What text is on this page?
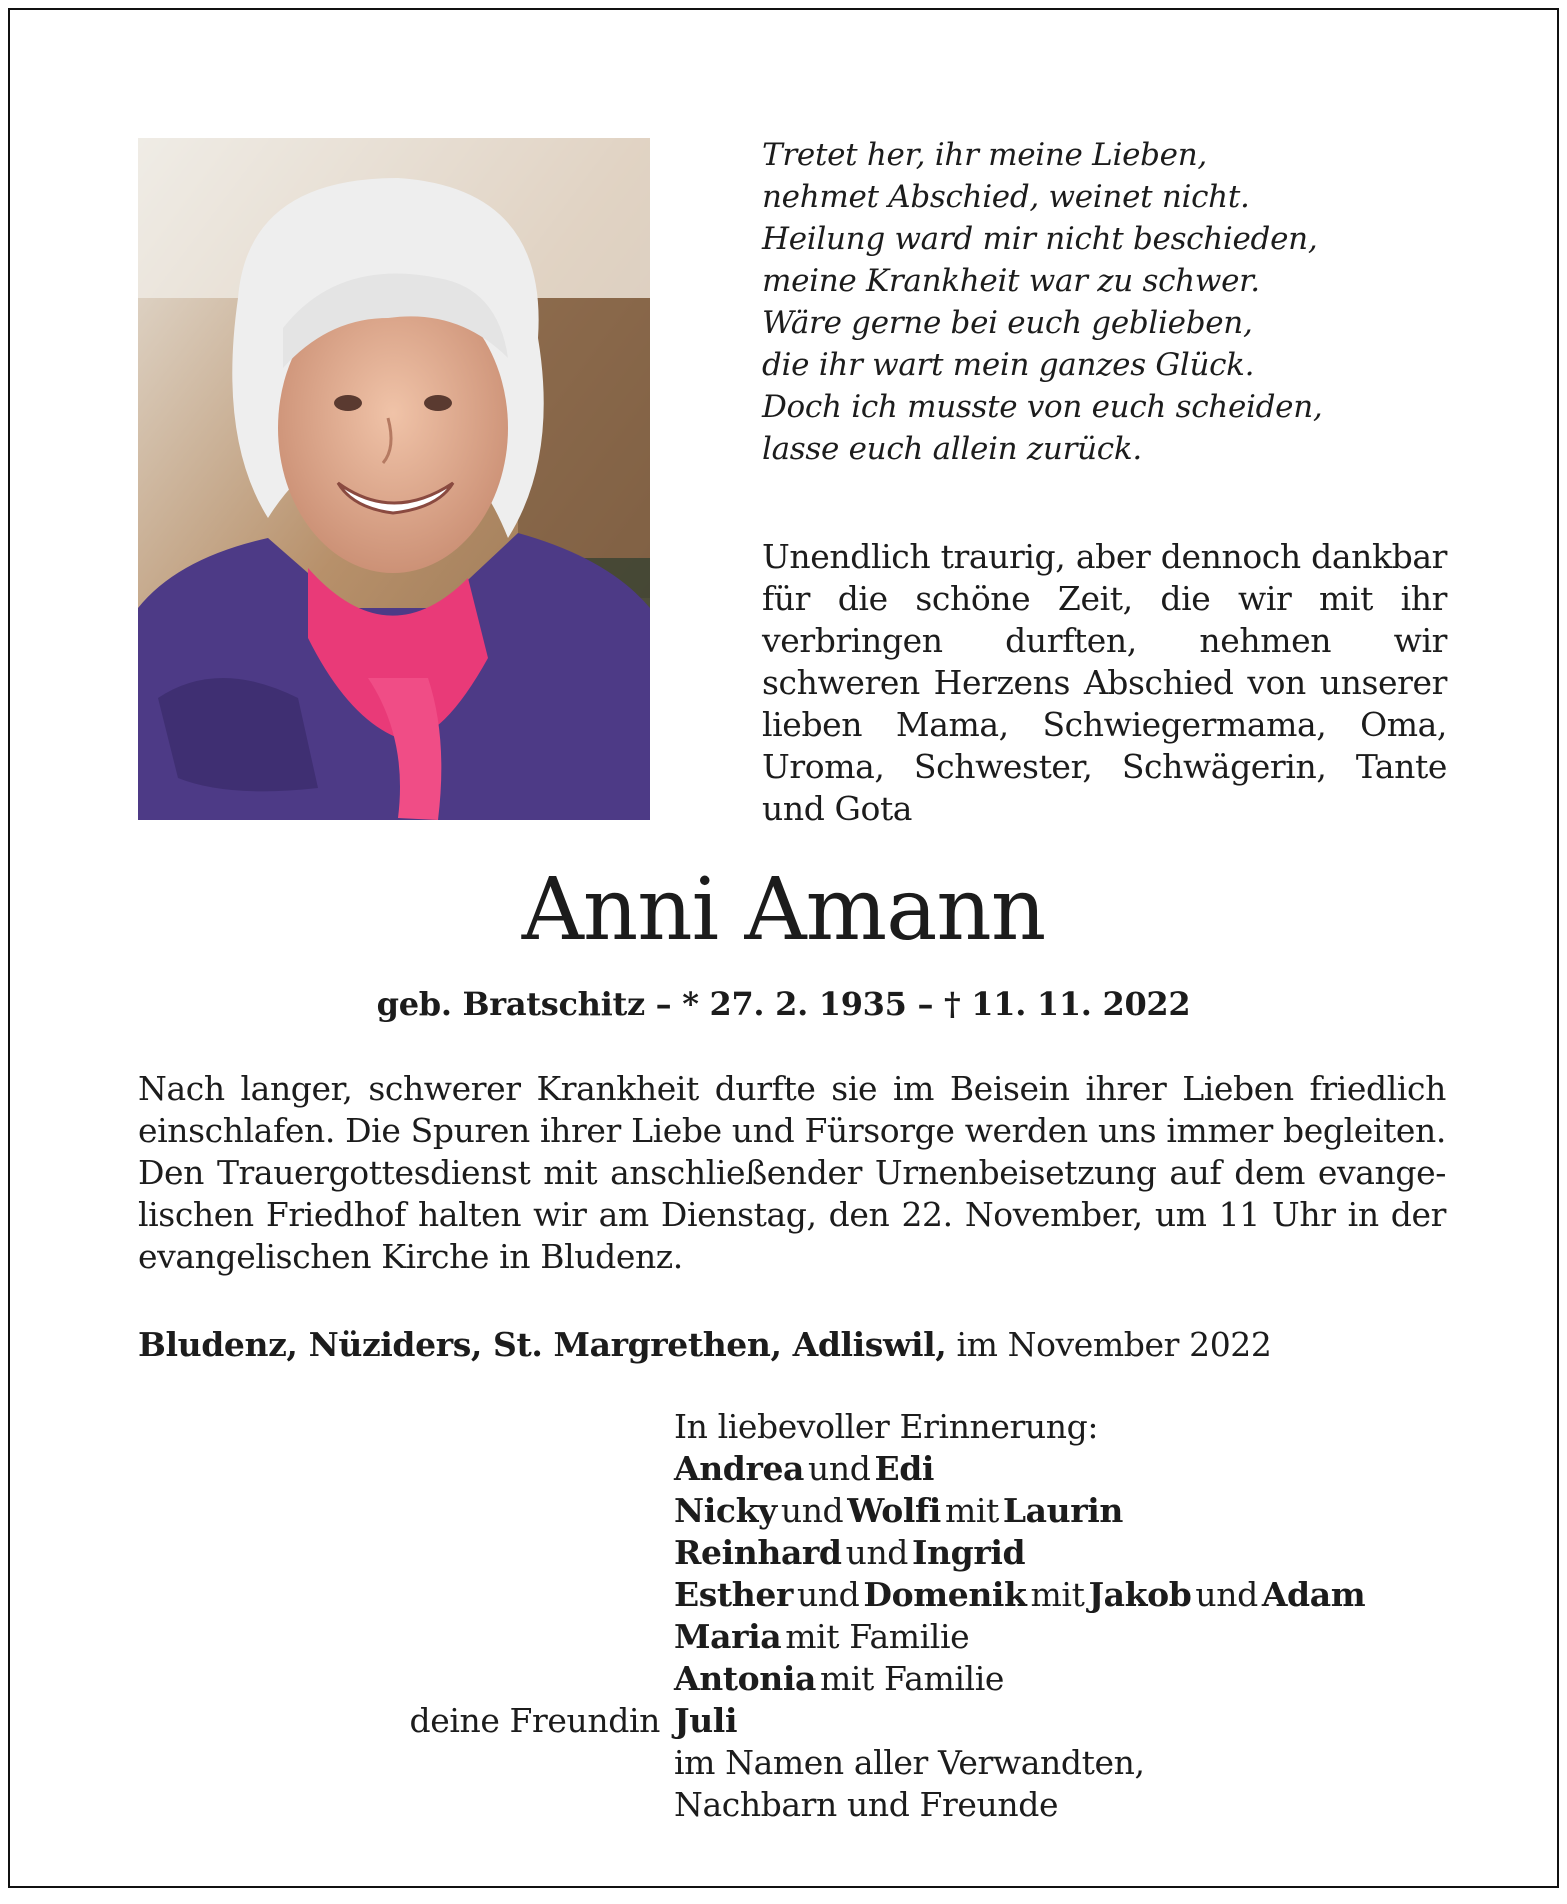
Tretet her, ihr meine Lieben,
nehmet Abschied, weinet nicht.
Heilung ward mir nicht beschieden,
meine Krankheit war zu schwer.
Wäre gerne bei euch geblieben,
die ihr wart mein ganzes Glück.
Doch ich musste von euch scheiden,
lasse euch allein zurück.
Unendlich traurig, aber dennoch dankbar für die schöne Zeit, die wir mit ihr verbringen durften, nehmen wir schweren Herzens Abschied von unserer lieben Mama, Schwiegermama, Oma, Uroma, Schwester, Schwägerin, Tante und Gota
Anni Amann
geb. Bratschitz – * 27. 2. 1935 – † 11. 11. 2022
Nach langer, schwerer Krankheit durfte sie im Beisein ihrer Lieben friedlich einschlafen. Die Spuren ihrer Liebe und Fürsorge werden uns immer begleiten. Den Trauergottesdienst mit anschließender Urnenbeisetzung auf dem evange-lischen Friedhof halten wir am Dienstag, den 22. November, um 11 Uhr in der evangelischen Kirche in Bludenz.
Bludenz, Nüziders, St. Margrethen, Adliswil, im November 2022
In liebevoller Erinnerung:
Andrea und Edi
Nicky und Wolfi mit Laurin
Reinhard und Ingrid
Esther und Domenik mit Jakob und Adam
Maria mit Familie
Antonia mit Familie
deine Freundin Juli
im Namen aller Verwandten,
Nachbarn und Freunde
